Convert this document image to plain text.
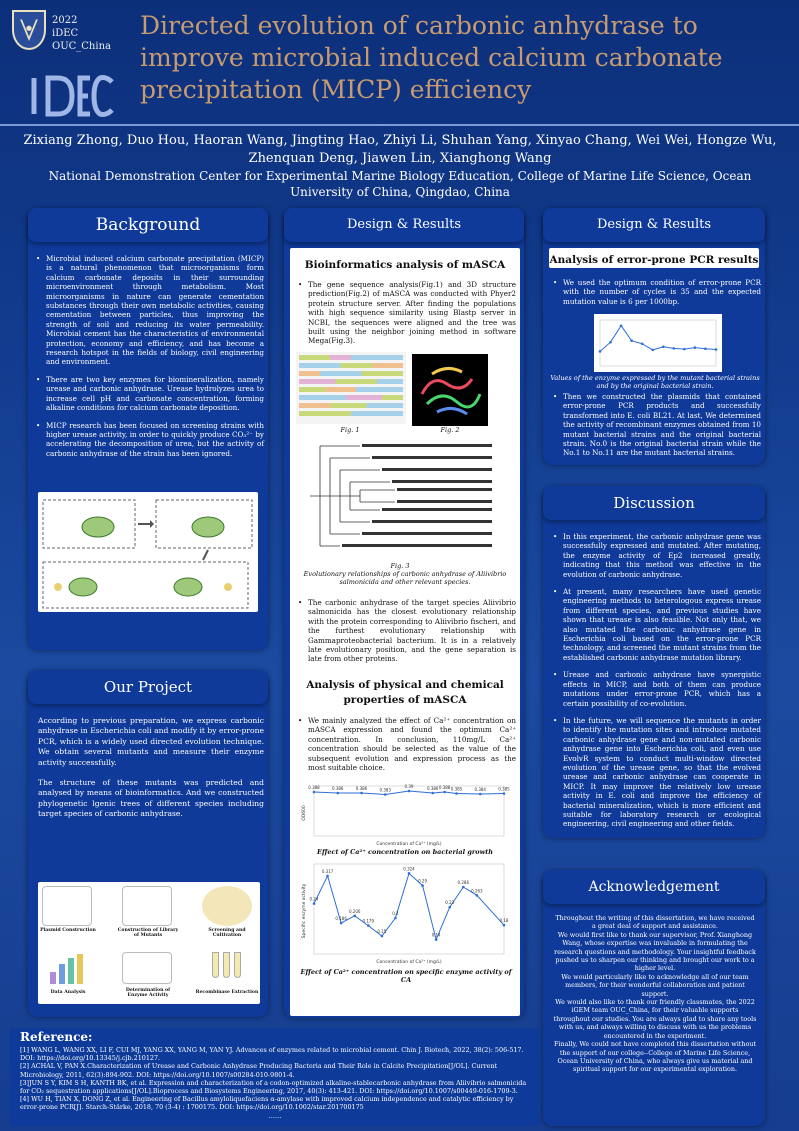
2022
iDEC
OUC_China
Directed evolution of carbonic anhydrase to improve microbial induced calcium carbonate precipitation (MICP) efficiency
Zixiang Zhong, Duo Hou, Haoran Wang, Jingting Hao, Zhiyi Li, Shuhan Yang, Xinyao Chang, Wei Wei, Hongze Wu, Zhenquan Deng, Jiawen Lin, Xianghong Wang
National Demonstration Center for Experimental Marine Biology Education, College of Marine Life Science, Ocean University of China, Qingdao, China
Background
• Microbial induced calcium carbonate precipitation (MICP) is a natural phenomenon that microorganisms form calcium carbonate deposits in their surrounding microenvironment through metabolism. Most microorganisms in nature can generate cementation substances through their own metabolic activities, causing cementation between particles, thus improving the strength of soil and reducing its water permeability. Microbial cement has the characteristics of environmental protection, economy and efficiency, and has become a research hotspot in the fields of biology, civil engineering and environment.
• There are two key enzymes for biomineralization, namely urease and carbonic anhydrase. Urease hydrolyzes urea to increase cell pH and carbonate concentration, forming alkaline conditions for calcium carbonate deposition.
• MICP research has been focused on screening strains with higher urease activity, in order to quickly produce CO₃²⁻ by accelerating the decomposition of urea, but the activity of carbonic anhydrase of the strain has been ignored.
Our Project

According to previous preparation, we express carbonic anhydrase in Escherichia coli and modify it by error-prone PCR, which is a widely used directed evolution technique. We obtain several mutants and measure their enzyme activity successfully.

The structure of these mutants was predicted and analysed by means of bioinformatics. And we constructed phylogenetic lgenic trees of different species including target species of carbonic anhydrase.

Plasmid Construction	Construction of Library of Mutants
Screening and Cultivation
Data Analysis	Determination of Enzyme Activity
Recombinase Extraction
Design & Results
Bioinformatics analysis of mASCA
• The gene sequence analysis(Fig.1) and 3D structure prediction(Fig.2) of mASCA was conducted with Phyer2 protein structure server. After finding the populations with high sequence similarity using Blastp server in NCBI, the sequences were aligned and the tree was built using the neighbor joining method in software Mega(Fig.3).
Fig. 1	Fig. 2
Fig. 3
Evolutionary relationships of carbonic anhydrase of Aliivibrio salmonicida and other relevant species.
• The carbonic anhydrase of the target species Aliivibrio salmonicida has the closest evolutionary relationship with the protein corresponding to Aliivibrio fischeri, and the furthest evolutionary relationship with Gammaproteobacterial bacterium. It is in a relatively late evolutionary position, and the gene separation is late from other proteins.
Analysis of physical and chemical properties of mASCA
• We mainly analyzed the effect of Ca²⁺ concentration on mASCA expression and found the optimum Ca²⁺ concentration. In conclusion, 110mg/L Ca²⁺ concentration should be selected as the value of the subsequent evolution and expression process as the most suitable choice.
0.388	0.386	0.386	0.383
0.39	0.386 0.388 0.385	0.384	0.385
Concentration of Ca²⁺ (mg/L)
OD600
Effect of Ca²⁺ concentration on bacterial growth
0.24
0.317
0.186
0.206
0.179
0.15
0.2
0.324
0.29
0.14
0.23
0.286
0.263
0.18
Concentration of Ca²⁺ (mg/L)
Specific enzyme activity
Effect of Ca²⁺ concentration on specific enzyme activity of CA
Design & Results
Analysis of error-prone PCR results
• We used the optimum condition of error-prone PCR with the number of cycles is 35 and the expected mutation value is 6 per 1000bp.
Values of the enzyme expressed by the mutant bacterial strains and by the original bacterial strain.
• Then we constructed the plasmids that contained error-prone PCR products and successfully transformed into E. coli BL21. At last, We determined the activity of recombinant enzymes obtained from 10 mutant bacterial strains and the original bacterial strain. No.0 is the original bacterial strain while the No.1 to No.11 are the mutant bacterial strains.
Discussion
• In this experiment, the carbonic anhydrase gene was successfully expressed and mutated. After mutating, the enzyme activity of Ep2 increased greatly, indicating that this method was effective in the evolution of carbonic anhydrase.
• At present, many researchers have used genetic engineering methods to heterologous express urease from different species, and previous studies have shown that urease is also feasible. Not only that, we also mutated the carbonic anhydrase gene in Escherichia coli based on the error-prone PCR technology, and screened the mutant strains from the established carbonic anhydrase mutation library.
• Urease and carbonic anhydrase have synergistic effects in MICP, and both of them can produce mutations under error-prone PCR, which has a certain possibility of co-evolution.
• In the future, we will sequence the mutants in order to identify the mutation sites and introduce mutated carbonic anhydrase gene and non-mutated carbonic anhydrase gene into Escherichia coli, and even use EvolvR system to conduct multi-window directed evolution of the urease gene, so that the evolved urease and carbonic anhydrase can cooperate in MICP. It may improve the relatively low urease activity in E. coli and improve the efficiency of bacterial mineralization, which is more efficient and suitable for laboratory research or ecological engineering, civil engineering and other fields.
Acknowledgement

Throughout the writing of this dissertation, we have received a great deal of support and assistance.

We would first like to thank our supervisor, Prof. Xianghong Wang, whose expertise was invaluable in formulating the research questions and methodology. Your insightful feedback pushed us to sharpen our thinking and brought our work to a higher level.

We would particularly like to acknowledge all of our team members, for their wonderful collaboration and patient support.

We would also like to thank our friendly classmates, the 2022 iGEM team OUC_China, for their valuable supports throughout our studies. You are always glad to share any tools with us, and always willing to discuss with us the problems encountered in the experiment.

Finally, We could not have completed this dissertation without the support of our college--College of Marine Life Science, Ocean University of China, who always give us material and spiritual support for our experimental exploration.

Reference:
[1] WANG L, WANG XX, LI F, CUI MJ, YANG XX, YANG M, YAN YJ. Advances of enzymes related to microbial cement. Chin J. Biotech, 2022, 38(2): 506-517. DOI: https://doi.org/10.13345/j.cjb.210127.
[2] ACHAL V, PAN X.Characterization of Urease and Carbonic Anhydrase Producing Bacteria and Their Role in Calcite Precipitation[J/OL]. Current Microbiology, 2011, 62(3):894-902. DOI: https://doi.org/10.1007/s00284-010-9801-4.
[3]JUN S Y, KIM S H, KANTH BK, et al. Expression and characterization of a codon-optimized alkaline-stablecarbonic anhydrase from Aliivibrio salmonicida for CO₂ sequestration applications[J/OL].Bioprocess and Biosystems Engineering, 2017, 40(3): 413-421. DOI: https://doi.org/10.1007/s00449-016-1709-3.
[4] WU H, TIAN X, DONG Z, et al. Engineering of Bacillus amyloliquefaciens α-amylase with improved calcium independence and catalytic efficiency by error-prone PCR[J]. Starch-Stärke, 2018, 70 (3-4) : 1700175. DOI: https://doi.org/10.1002/star.201700175
……
